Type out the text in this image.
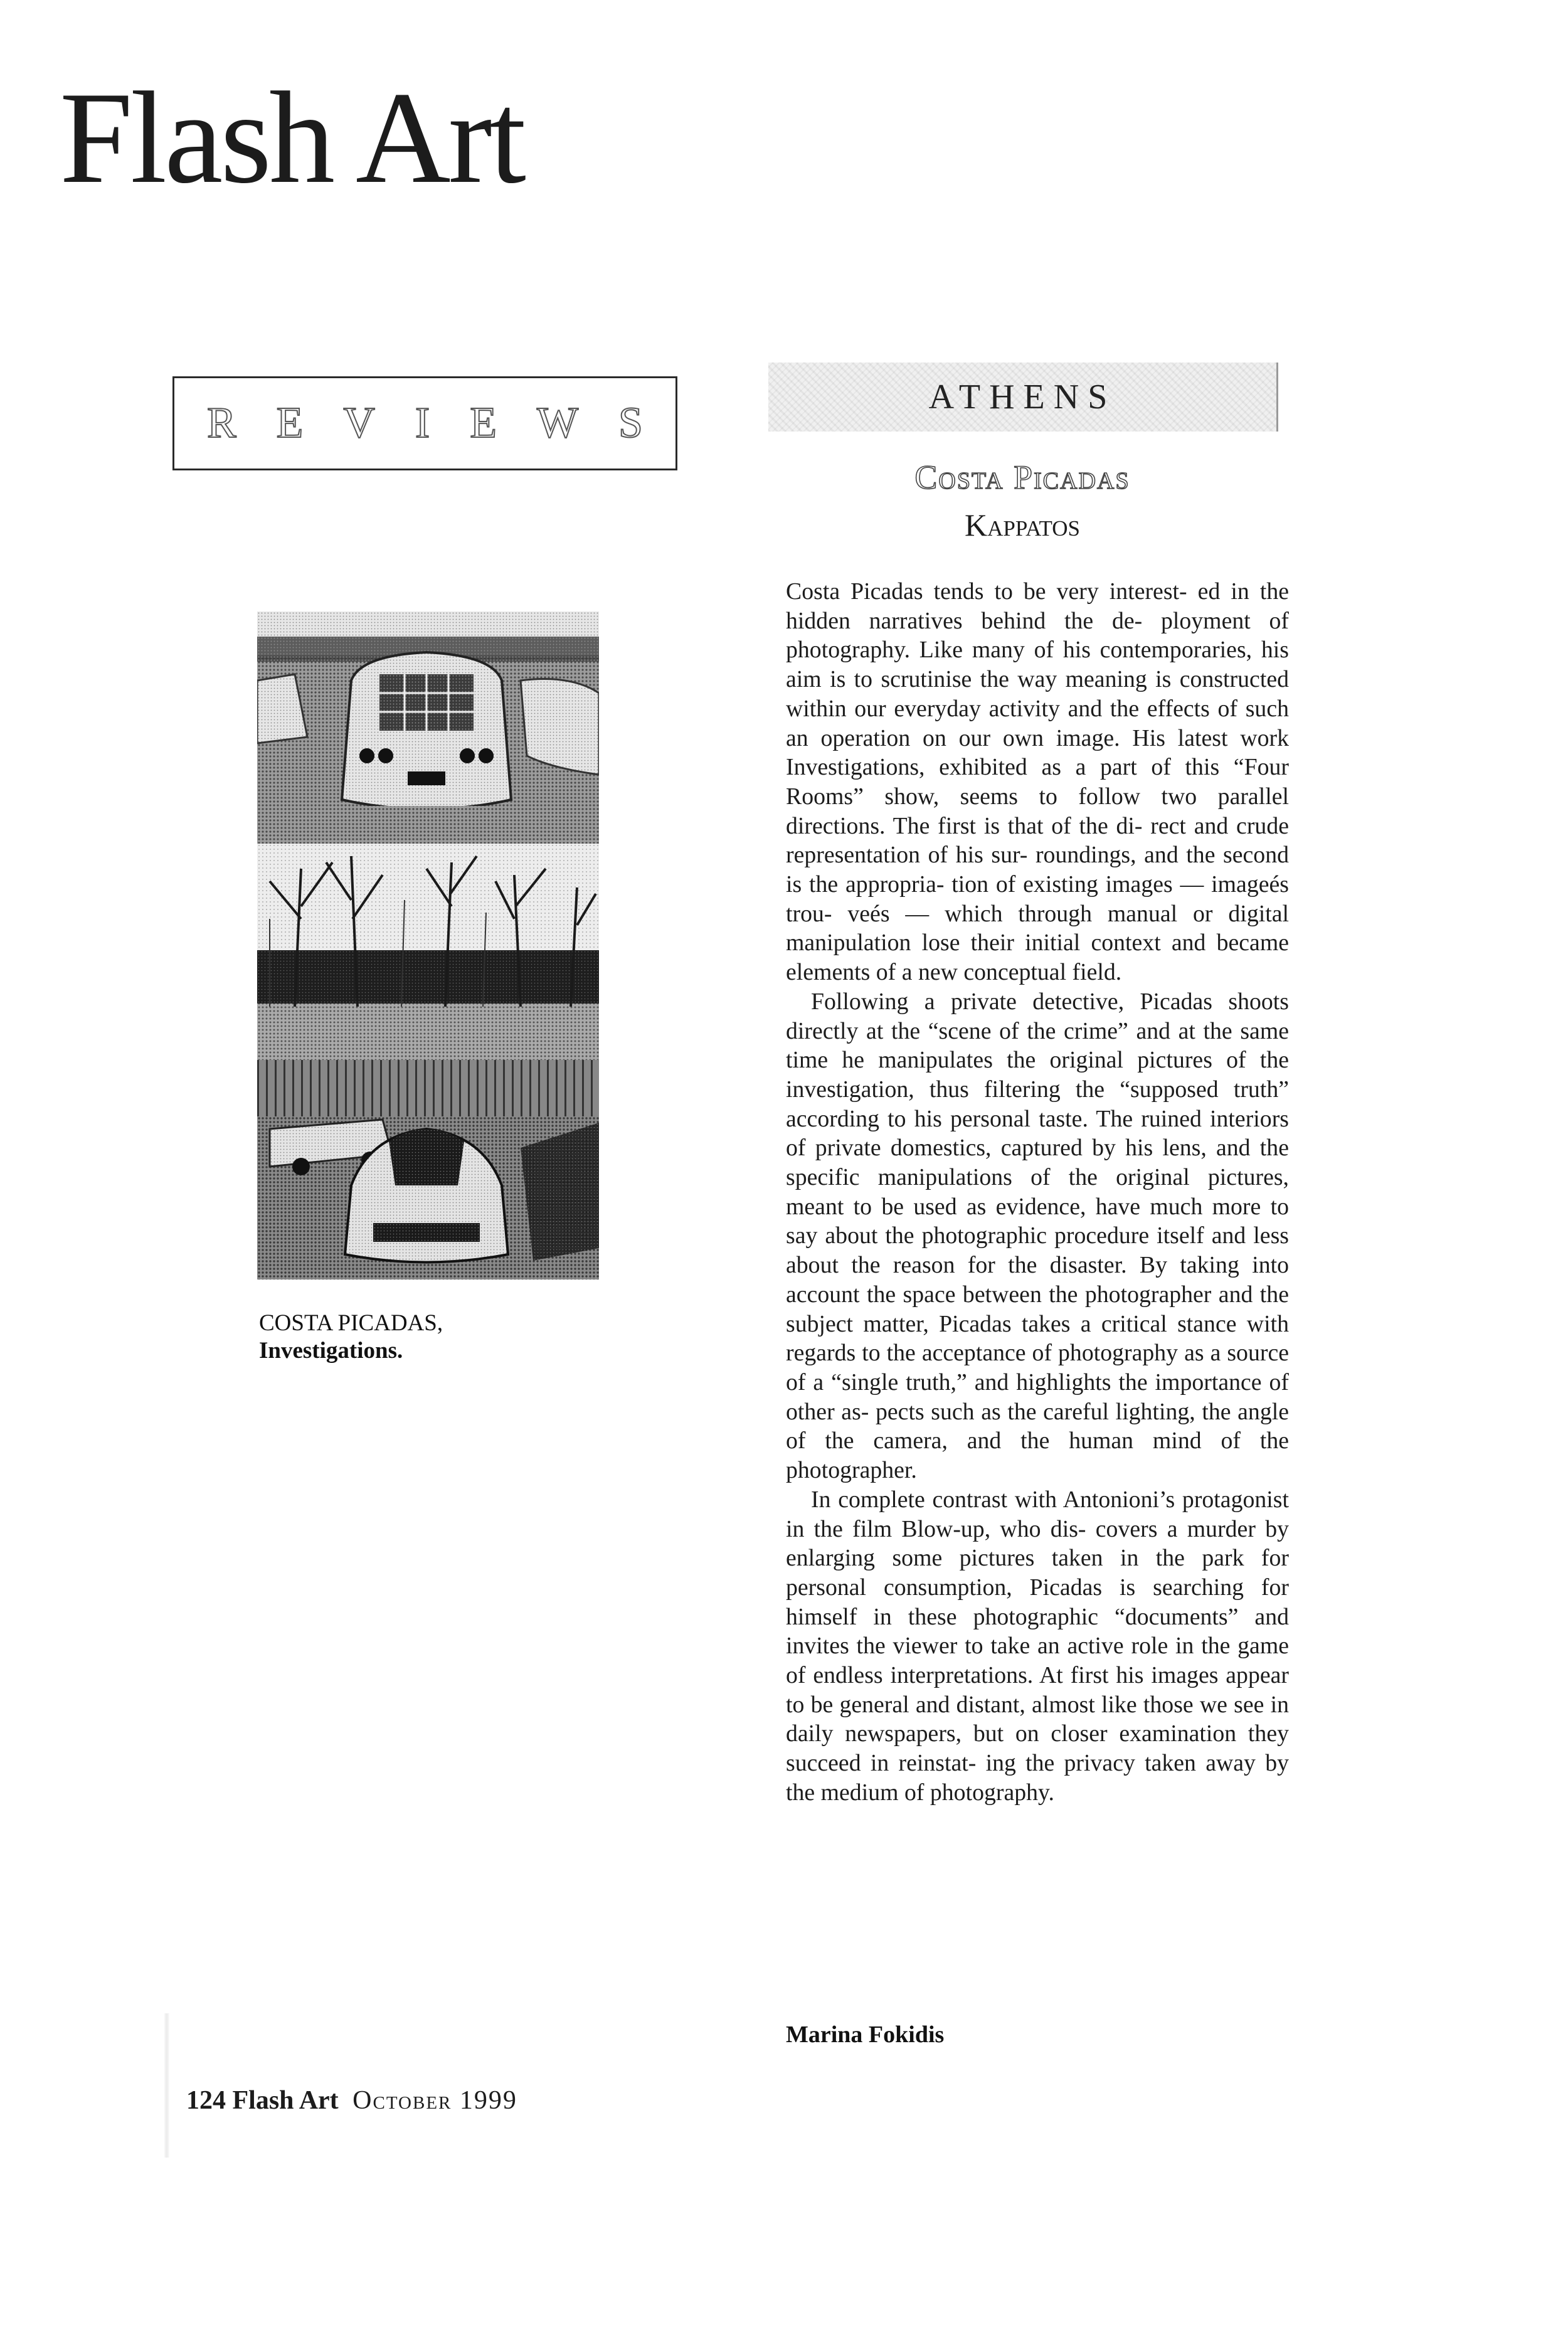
Flash Art
R E V I E W S
ATHENS
Costa Picadas
Kappatos
COSTA PICADAS,
Investigations.

Costa Picadas tends to be very interest- ed in the hidden narratives behind the de- ployment of photography. Like many of his contemporaries, his aim is to scrutinise the way meaning is constructed within our everyday activity and the effects of such an operation on our own image. His latest work Investigations, exhibited as a part of this “Four Rooms” show, seems to follow two parallel directions. The first is that of the di- rect and crude representation of his sur- roundings, and the second is the appropria- tion of existing images — imageés trou- veés — which through manual or digital manipulation lose their initial context and became elements of a new conceptual field.

Following a private detective, Picadas shoots directly at the “scene of the crime” and at the same time he manipulates the original pictures of the investigation, thus filtering the “supposed truth” according to his personal taste. The ruined interiors of private domestics, captured by his lens, and the specific manipulations of the original pictures, meant to be used as evidence, have much more to say about the photographic procedure itself and less about the reason for the disaster. By taking into account the space between the photographer and the subject matter, Picadas takes a critical stance with regards to the acceptance of photography as a source of a “single truth,” and highlights the importance of other as- pects such as the careful lighting, the angle of the camera, and the human mind of the photographer.

In complete contrast with Antonioni’s protagonist in the film Blow-up, who dis- covers a murder by enlarging some pictures taken in the park for personal consumption, Picadas is searching for himself in these photographic “documents” and invites the viewer to take an active role in the game of endless interpretations. At first his images appear to be general and distant, almost like those we see in daily newspapers, but on closer examination they succeed in reinstat- ing the privacy taken away by the medium of photography.

Marina Fokidis
124 Flash Art October 1999
